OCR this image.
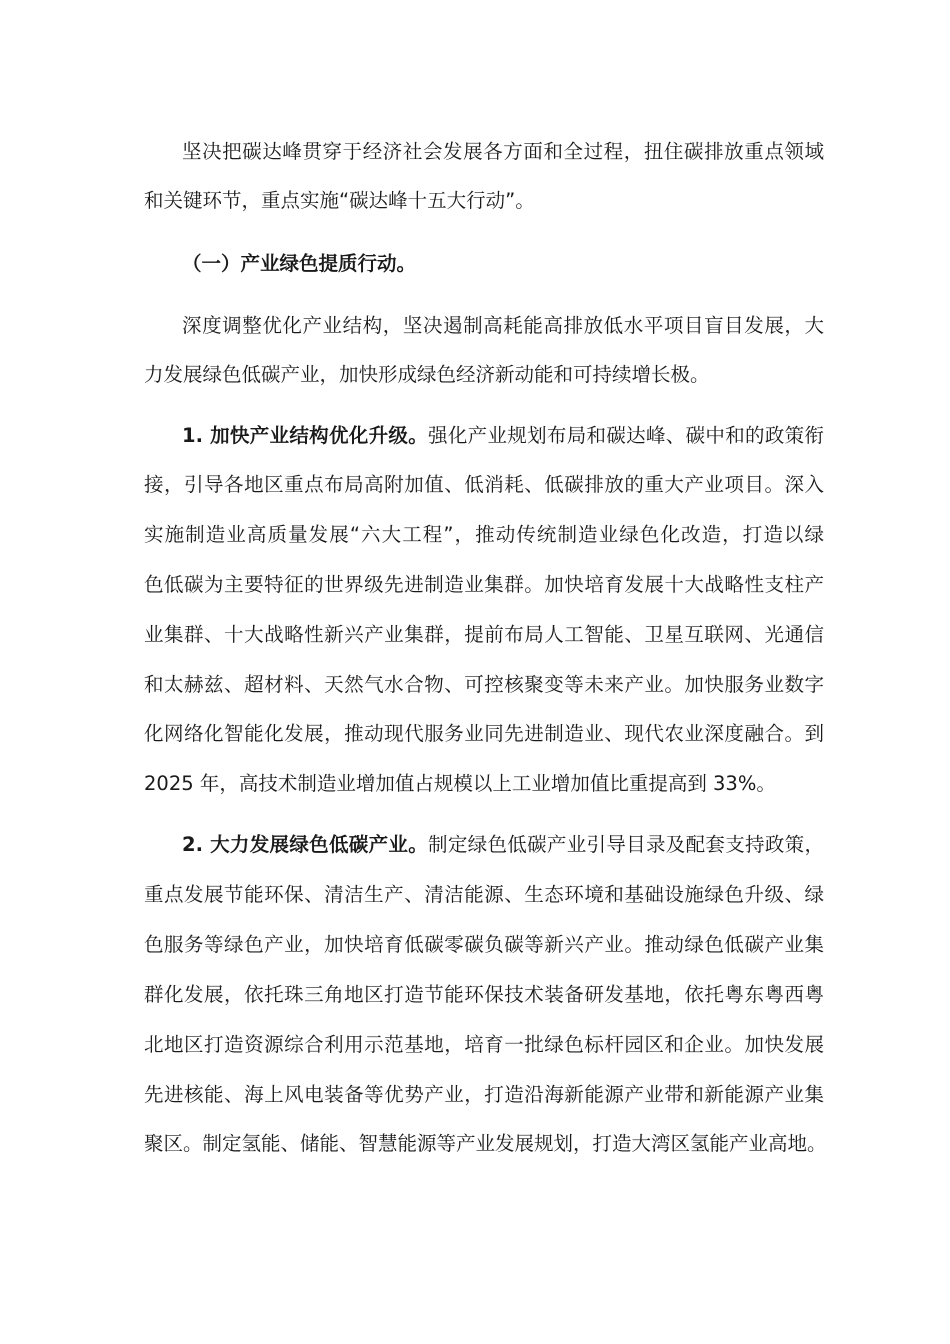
坚决把碳达峰贯穿于经济社会发展各方面和全过程，扭住碳排放重点领域
和关键环节，重点实施“碳达峰十五大行动”。
（一）产业绿色提质行动。
深度调整优化产业结构，坚决遏制高耗能高排放低水平项目盲目发展，大
力发展绿色低碳产业，加快形成绿色经济新动能和可持续增长极。
1. 加快产业结构优化升级。强化产业规划布局和碳达峰、碳中和的政策衔
接，引导各地区重点布局高附加值、低消耗、低碳排放的重大产业项目。深入
实施制造业高质量发展“六大工程”，推动传统制造业绿色化改造，打造以绿
色低碳为主要特征的世界级先进制造业集群。加快培育发展十大战略性支柱产
业集群、十大战略性新兴产业集群，提前布局人工智能、卫星互联网、光通信
和太赫兹、超材料、天然气水合物、可控核聚变等未来产业。加快服务业数字
化网络化智能化发展，推动现代服务业同先进制造业、现代农业深度融合。到
2025 年，高技术制造业增加值占规模以上工业增加值比重提高到 33%。
2. 大力发展绿色低碳产业。制定绿色低碳产业引导目录及配套支持政策，
重点发展节能环保、清洁生产、清洁能源、生态环境和基础设施绿色升级、绿
色服务等绿色产业，加快培育低碳零碳负碳等新兴产业。推动绿色低碳产业集
群化发展，依托珠三角地区打造节能环保技术装备研发基地，依托粤东粤西粤
北地区打造资源综合利用示范基地，培育一批绿色标杆园区和企业。加快发展
先进核能、海上风电装备等优势产业，打造沿海新能源产业带和新能源产业集
聚区。制定氢能、储能、智慧能源等产业发展规划，打造大湾区氢能产业高地。
